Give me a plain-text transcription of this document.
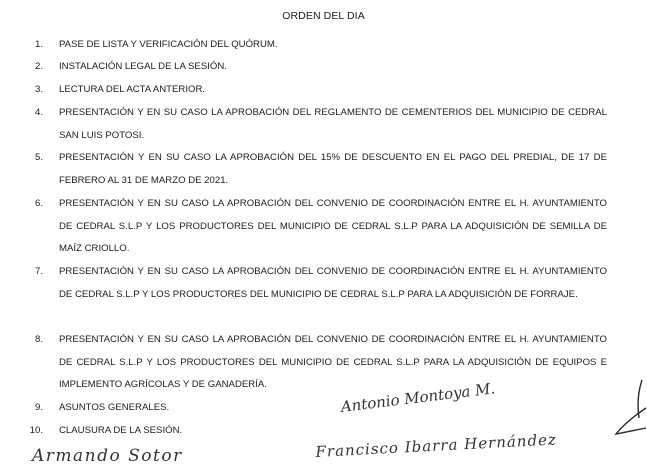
ORDEN DEL DIA
1. PASE DE LISTA Y VERIFICACIÓN DEL QUÓRUM.
2. INSTALACIÓN LEGAL DE LA SESIÓN.
3. LECTURA DEL ACTA ANTERIOR.
4. PRESENTACIÓN Y EN SU CASO LA APROBACIÓN DEL REGLAMENTO DE CEMENTERIOS DEL MUNICIPIO DE CEDRAL SAN LUIS POTOSI.
5. PRESENTACIÓN Y EN SU CASO LA APROBACIÓN DEL 15% DE DESCUENTO EN EL PAGO DEL PREDIAL, DE 17 DE FEBRERO AL 31 DE MARZO DE 2021.
6. PRESENTACIÓN Y EN SU CASO LA APROBACIÓN DEL CONVENIO DE COORDINACIÓN ENTRE EL H. AYUNTAMIENTO DE CEDRAL S.L.P Y LOS PRODUCTORES DEL MUNICIPIO DE CEDRAL S.L.P PARA LA ADQUISICIÓN DE SEMILLA DE MAÍZ CRIOLLO.
7. PRESENTACIÓN Y EN SU CASO LA APROBACIÓN DEL CONVENIO DE COORDINACIÓN ENTRE EL H. AYUNTAMIENTO DE CEDRAL S.L.P Y LOS PRODUCTORES DEL MUNICIPIO DE CEDRAL S.L.P PARA LA ADQUISICIÓN DE FORRAJE.
8. PRESENTACIÓN Y EN SU CASO LA APROBACIÓN DEL CONVENIO DE COORDINACIÓN ENTRE EL H. AYUNTAMIENTO DE CEDRAL S.L.P Y LOS PRODUCTORES DEL MUNICIPIO DE CEDRAL S.L.P PARA LA ADQUISICIÓN DE EQUIPOS E IMPLEMENTO AGRÍCOLAS Y DE GANADERÍA.
9. ASUNTOS GENERALES.
10. CLAUSURA DE LA SESIÓN.
Armando Sotor
Antonio Montoya M.
Francisco Ibarra Hernández
